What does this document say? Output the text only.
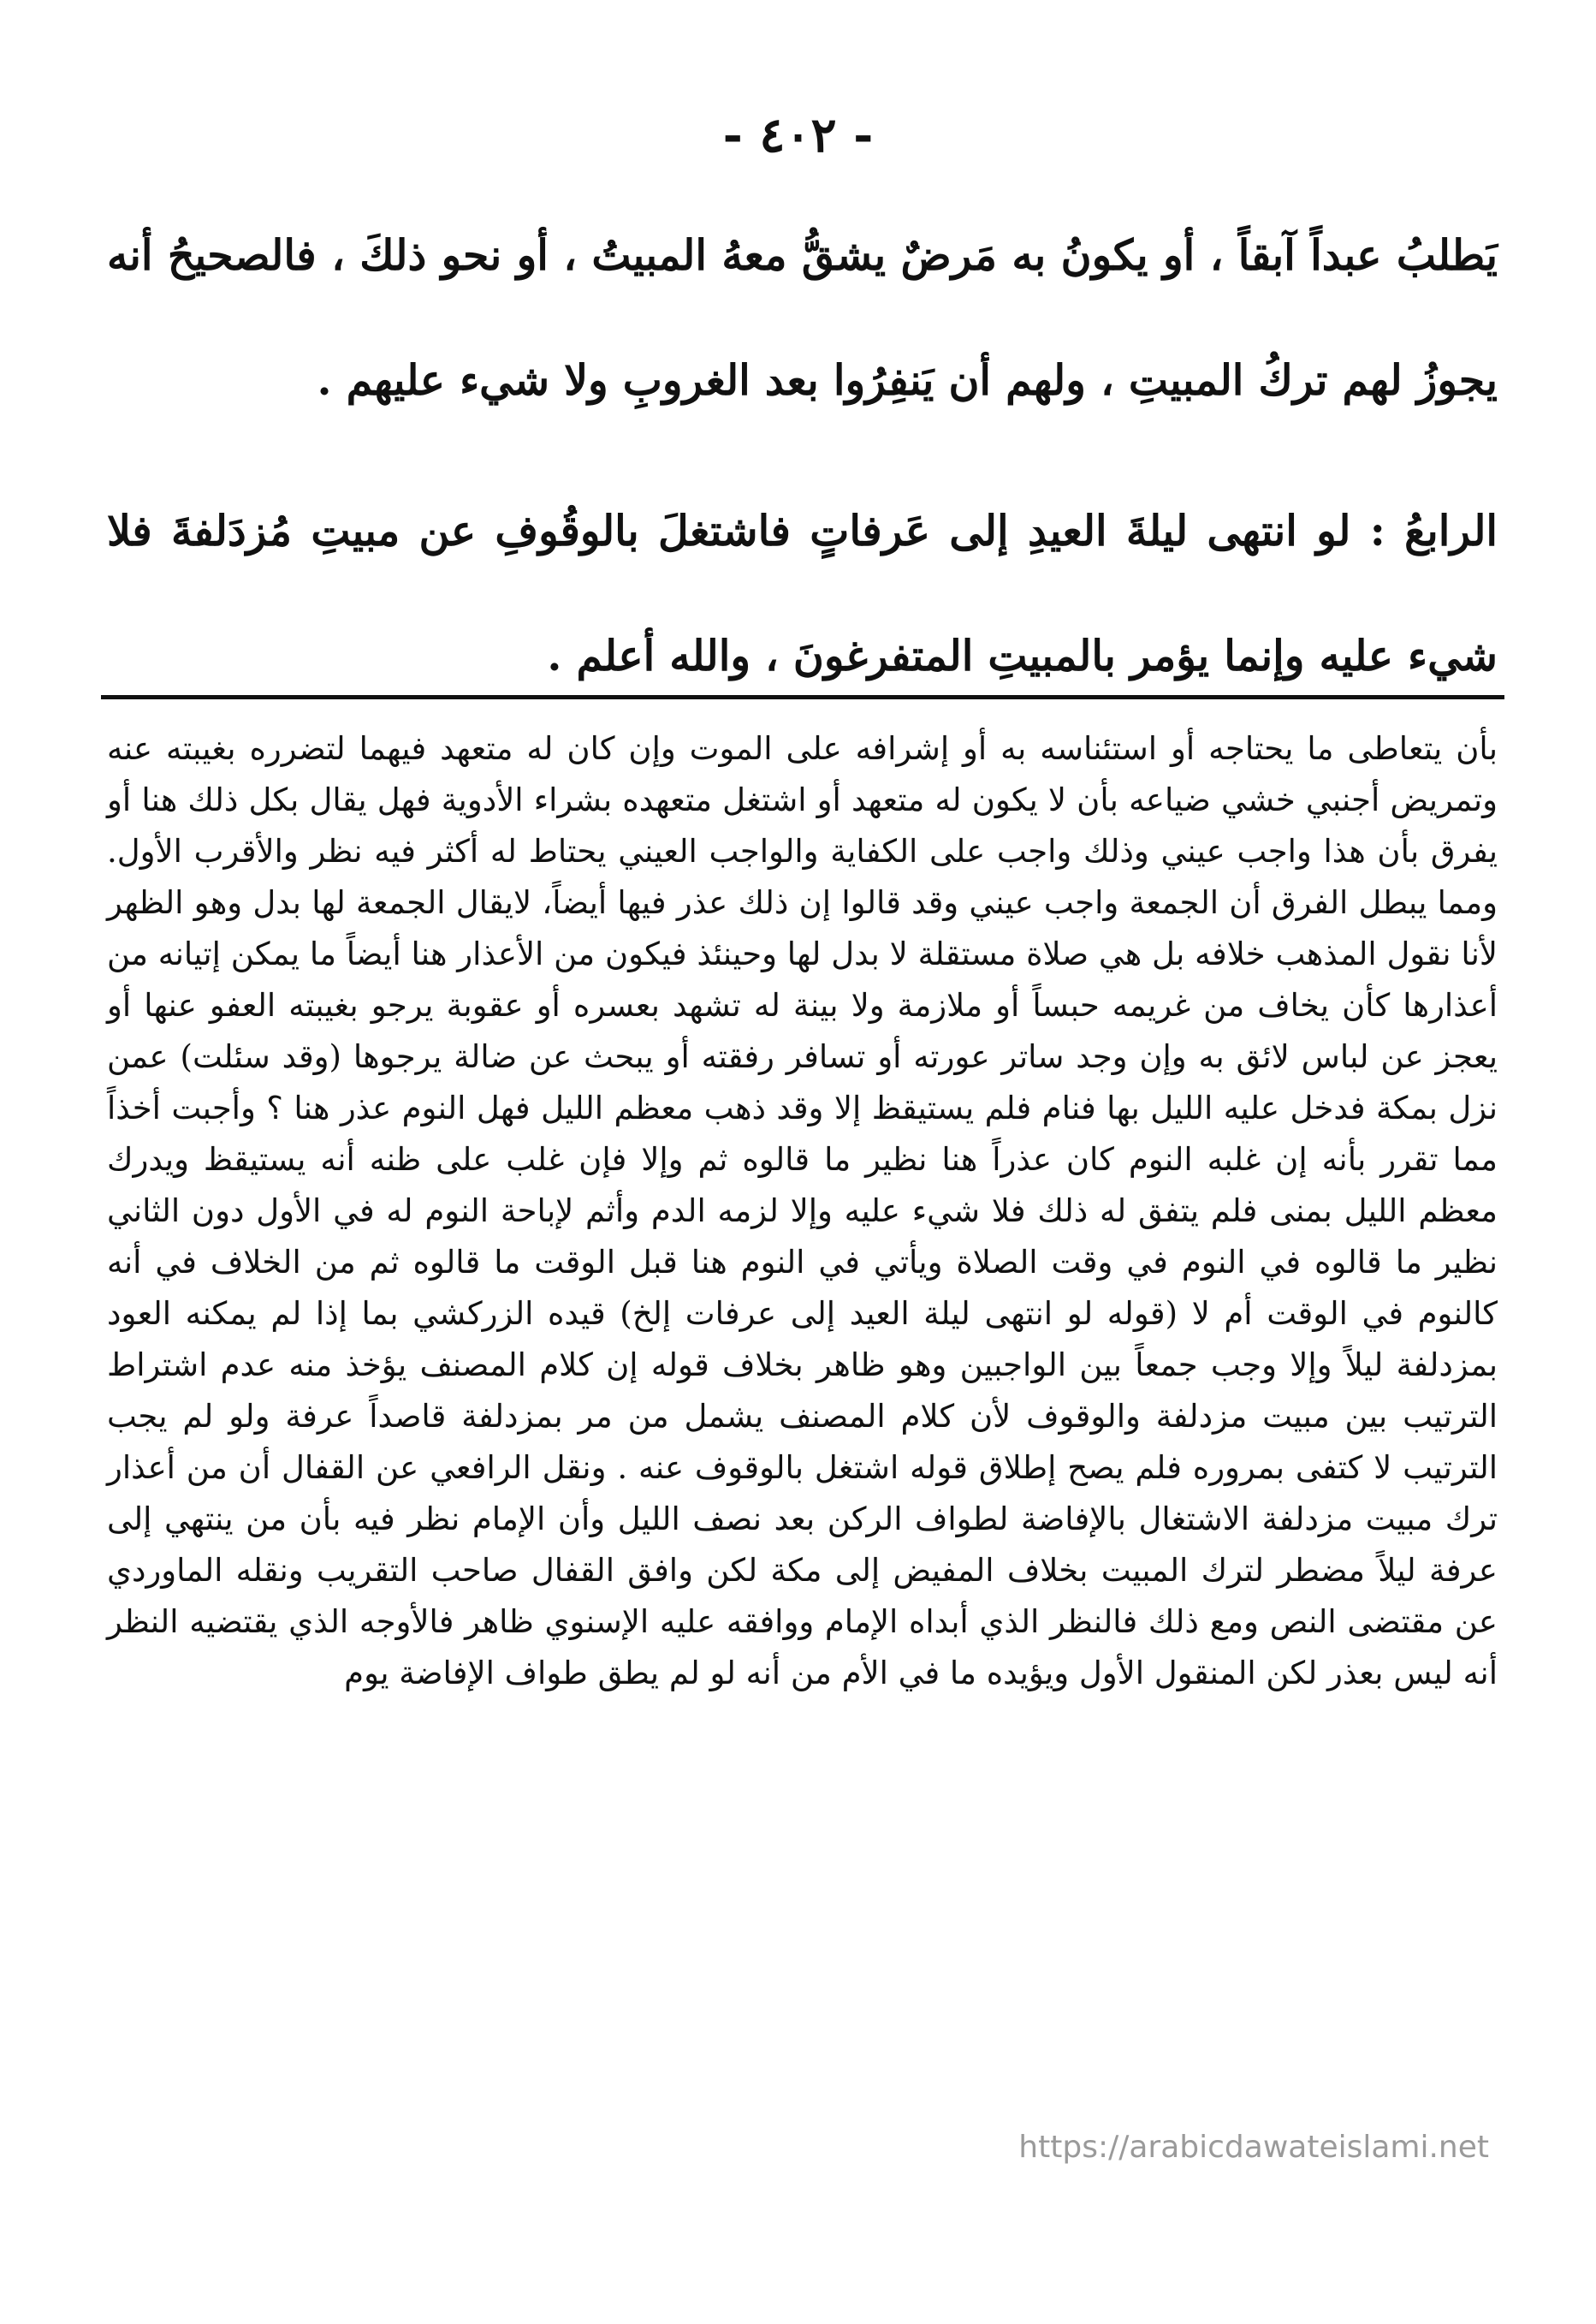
- ٤٠٢ -

يَطلبُ عبداً آبقاً ، أو يكونُ به مَرضٌ يشقُّ معهُ المبيتُ ، أو نحو ذلكَ ، فالصحيحُ أنه يجوزُ لهم تركُ المبيتِ ، ولهم أن يَنفِرُوا بعد الغروبِ ولا شيء عليهم .

الرابعُ : لو انتهى ليلةَ العيدِ إلى عَرفاتٍ فاشتغلَ بالوقُوفِ عن مبيتِ مُزدَلفةَ فلا شيء عليه وإنما يؤمر بالمبيتِ المتفرغونَ ، والله أعلم .

بأن يتعاطى ما يحتاجه أو استئناسه به أو إشرافه على الموت وإن كان له متعهد فيهما لتضرره بغيبته عنه وتمريض أجنبي خشي ضياعه بأن لا يكون له متعهد أو اشتغل متعهده بشراء الأدوية فهل يقال بكل ذلك هنا أو يفرق بأن هذا واجب عيني وذلك واجب على الكفاية والواجب العيني يحتاط له أكثر فيه نظر والأقرب الأول. ومما يبطل الفرق أن الجمعة واجب عيني وقد قالوا إن ذلك عذر فيها أيضاً، لايقال الجمعة لها بدل وهو الظهر لأنا نقول المذهب خلافه بل هي صلاة مستقلة لا بدل لها وحينئذ فيكون من الأعذار هنا أيضاً ما يمكن إتيانه من أعذارها كأن يخاف من غريمه حبساً أو ملازمة ولا بينة له تشهد بعسره أو عقوبة يرجو بغيبته العفو عنها أو يعجز عن لباس لائق به وإن وجد ساتر عورته أو تسافر رفقته أو يبحث عن ضالة يرجوها (وقد سئلت) عمن نزل بمكة فدخل عليه الليل بها فنام فلم يستيقظ إلا وقد ذهب معظم الليل فهل النوم عذر هنا ؟ وأجبت أخذاً مما تقرر بأنه إن غلبه النوم كان عذراً هنا نظير ما قالوه ثم وإلا فإن غلب على ظنه أنه يستيقظ ويدرك معظم الليل بمنى فلم يتفق له ذلك فلا شيء عليه وإلا لزمه الدم وأثم لإباحة النوم له في الأول دون الثاني نظير ما قالوه في النوم في وقت الصلاة ويأتي في النوم هنا قبل الوقت ما قالوه ثم من الخلاف في أنه كالنوم في الوقت أم لا (قوله لو انتهى ليلة العيد إلى عرفات إلخ) قيده الزركشي بما إذا لم يمكنه العود بمزدلفة ليلاً وإلا وجب جمعاً بين الواجبين وهو ظاهر بخلاف قوله إن كلام المصنف يؤخذ منه عدم اشتراط الترتيب بين مبيت مزدلفة والوقوف لأن كلام المصنف يشمل من مر بمزدلفة قاصداً عرفة ولو لم يجب الترتيب لا كتفى بمروره فلم يصح إطلاق قوله اشتغل بالوقوف عنه . ونقل الرافعي عن القفال أن من أعذار ترك مبيت مزدلفة الاشتغال بالإفاضة لطواف الركن بعد نصف الليل وأن الإمام نظر فيه بأن من ينتهي إلى عرفة ليلاً مضطر لترك المبيت بخلاف المفيض إلى مكة لكن وافق القفال صاحب التقريب ونقله الماوردي عن مقتضى النص ومع ذلك فالنظر الذي أبداه الإمام ووافقه عليه الإسنوي ظاهر فالأوجه الذي يقتضيه النظر أنه ليس بعذر لكن المنقول الأول ويؤيده ما في الأم من أنه لو لم يطق طواف الإفاضة يوم

https://arabicdawateislami.net
